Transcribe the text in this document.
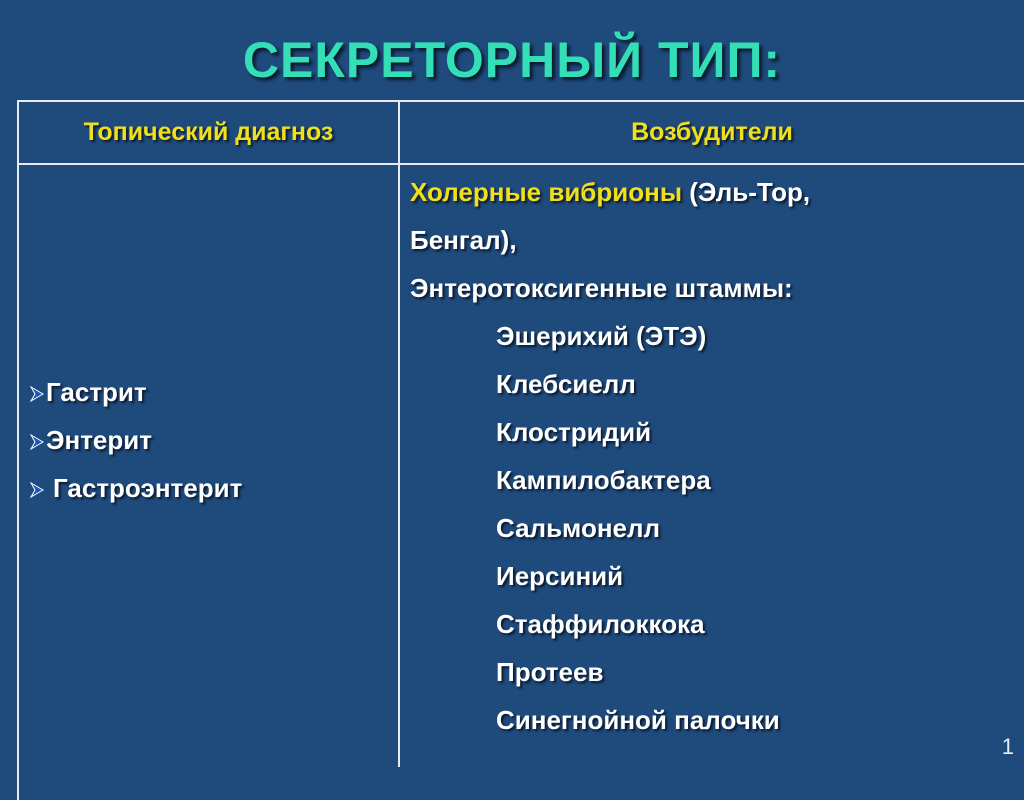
СЕКРЕТОРНЫЙ ТИП:
Топический диагноз	Возбудители
Гастрит
Энтерит
Гастроэнтерит
Холерные вибрионы (Эль-Тор,
Бенгал),
Энтеротоксигенные штаммы:
Эшерихий (ЭТЭ)
Клебсиелл
Клостридий
Кампилобактера
Сальмонелл
Иерсиний
Стаффилоккока
Протеев
Синегнойной палочки
1
